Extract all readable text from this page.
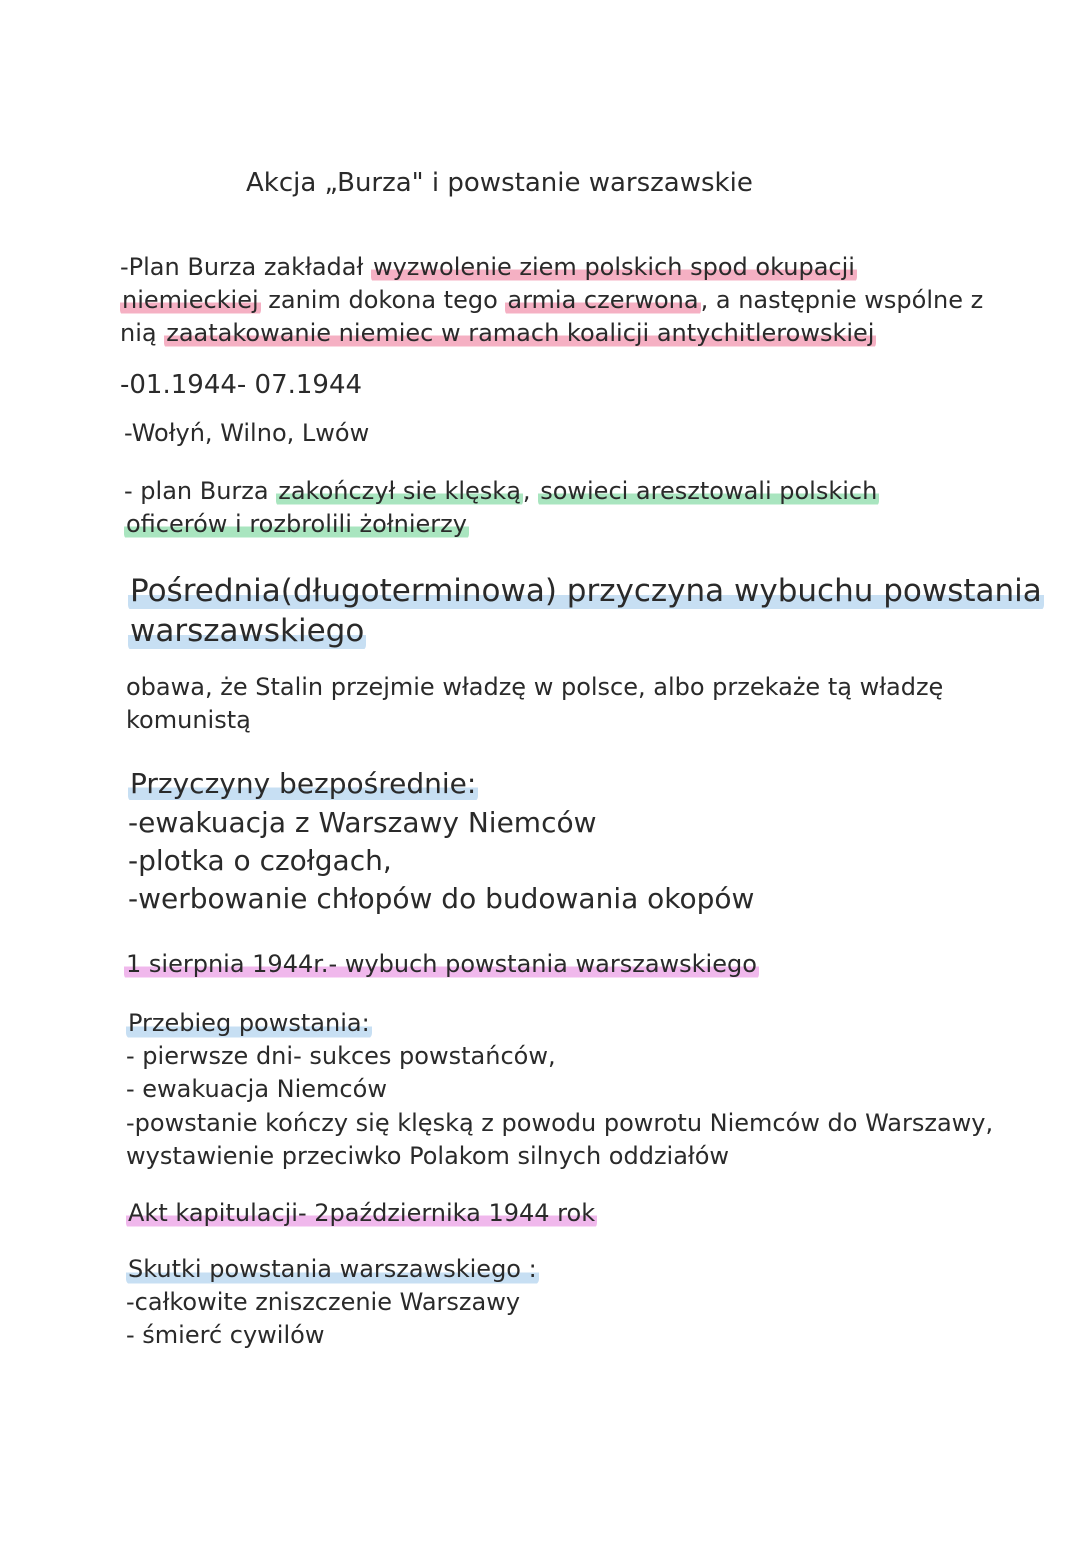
Akcja „Burza" i powstanie warszawskie
-Plan Burza zakładał wyzwolenie ziem polskich spod okupacji
niemieckiej zanim dokona tego armia czerwona, a następnie wspólne z
nią zaatakowanie niemiec w ramach koalicji antychitlerowskiej
-01.1944- 07.1944
-Wołyń, Wilno, Lwów
- plan Burza zakończył sie klęską, sowieci aresztowali polskich
oficerów i rozbrolili żołnierzy
Pośrednia(długoterminowa) przyczyna wybuchu powstania
warszawskiego
obawa, że Stalin przejmie władzę w polsce, albo przekaże tą władzę
komunistą
Przyczyny bezpośrednie:
-ewakuacja z Warszawy Niemców
-plotka o czołgach,
-werbowanie chłopów do budowania okopów
1 sierpnia 1944r.- wybuch powstania warszawskiego
Przebieg powstania:
- pierwsze dni- sukces powstańców,
- ewakuacja Niemców
-powstanie kończy się klęską z powodu powrotu Niemców do Warszawy,
wystawienie przeciwko Polakom silnych oddziałów
Akt kapitulacji- 2października 1944 rok
Skutki powstania warszawskiego :
-całkowite zniszczenie Warszawy
- śmierć cywilów
